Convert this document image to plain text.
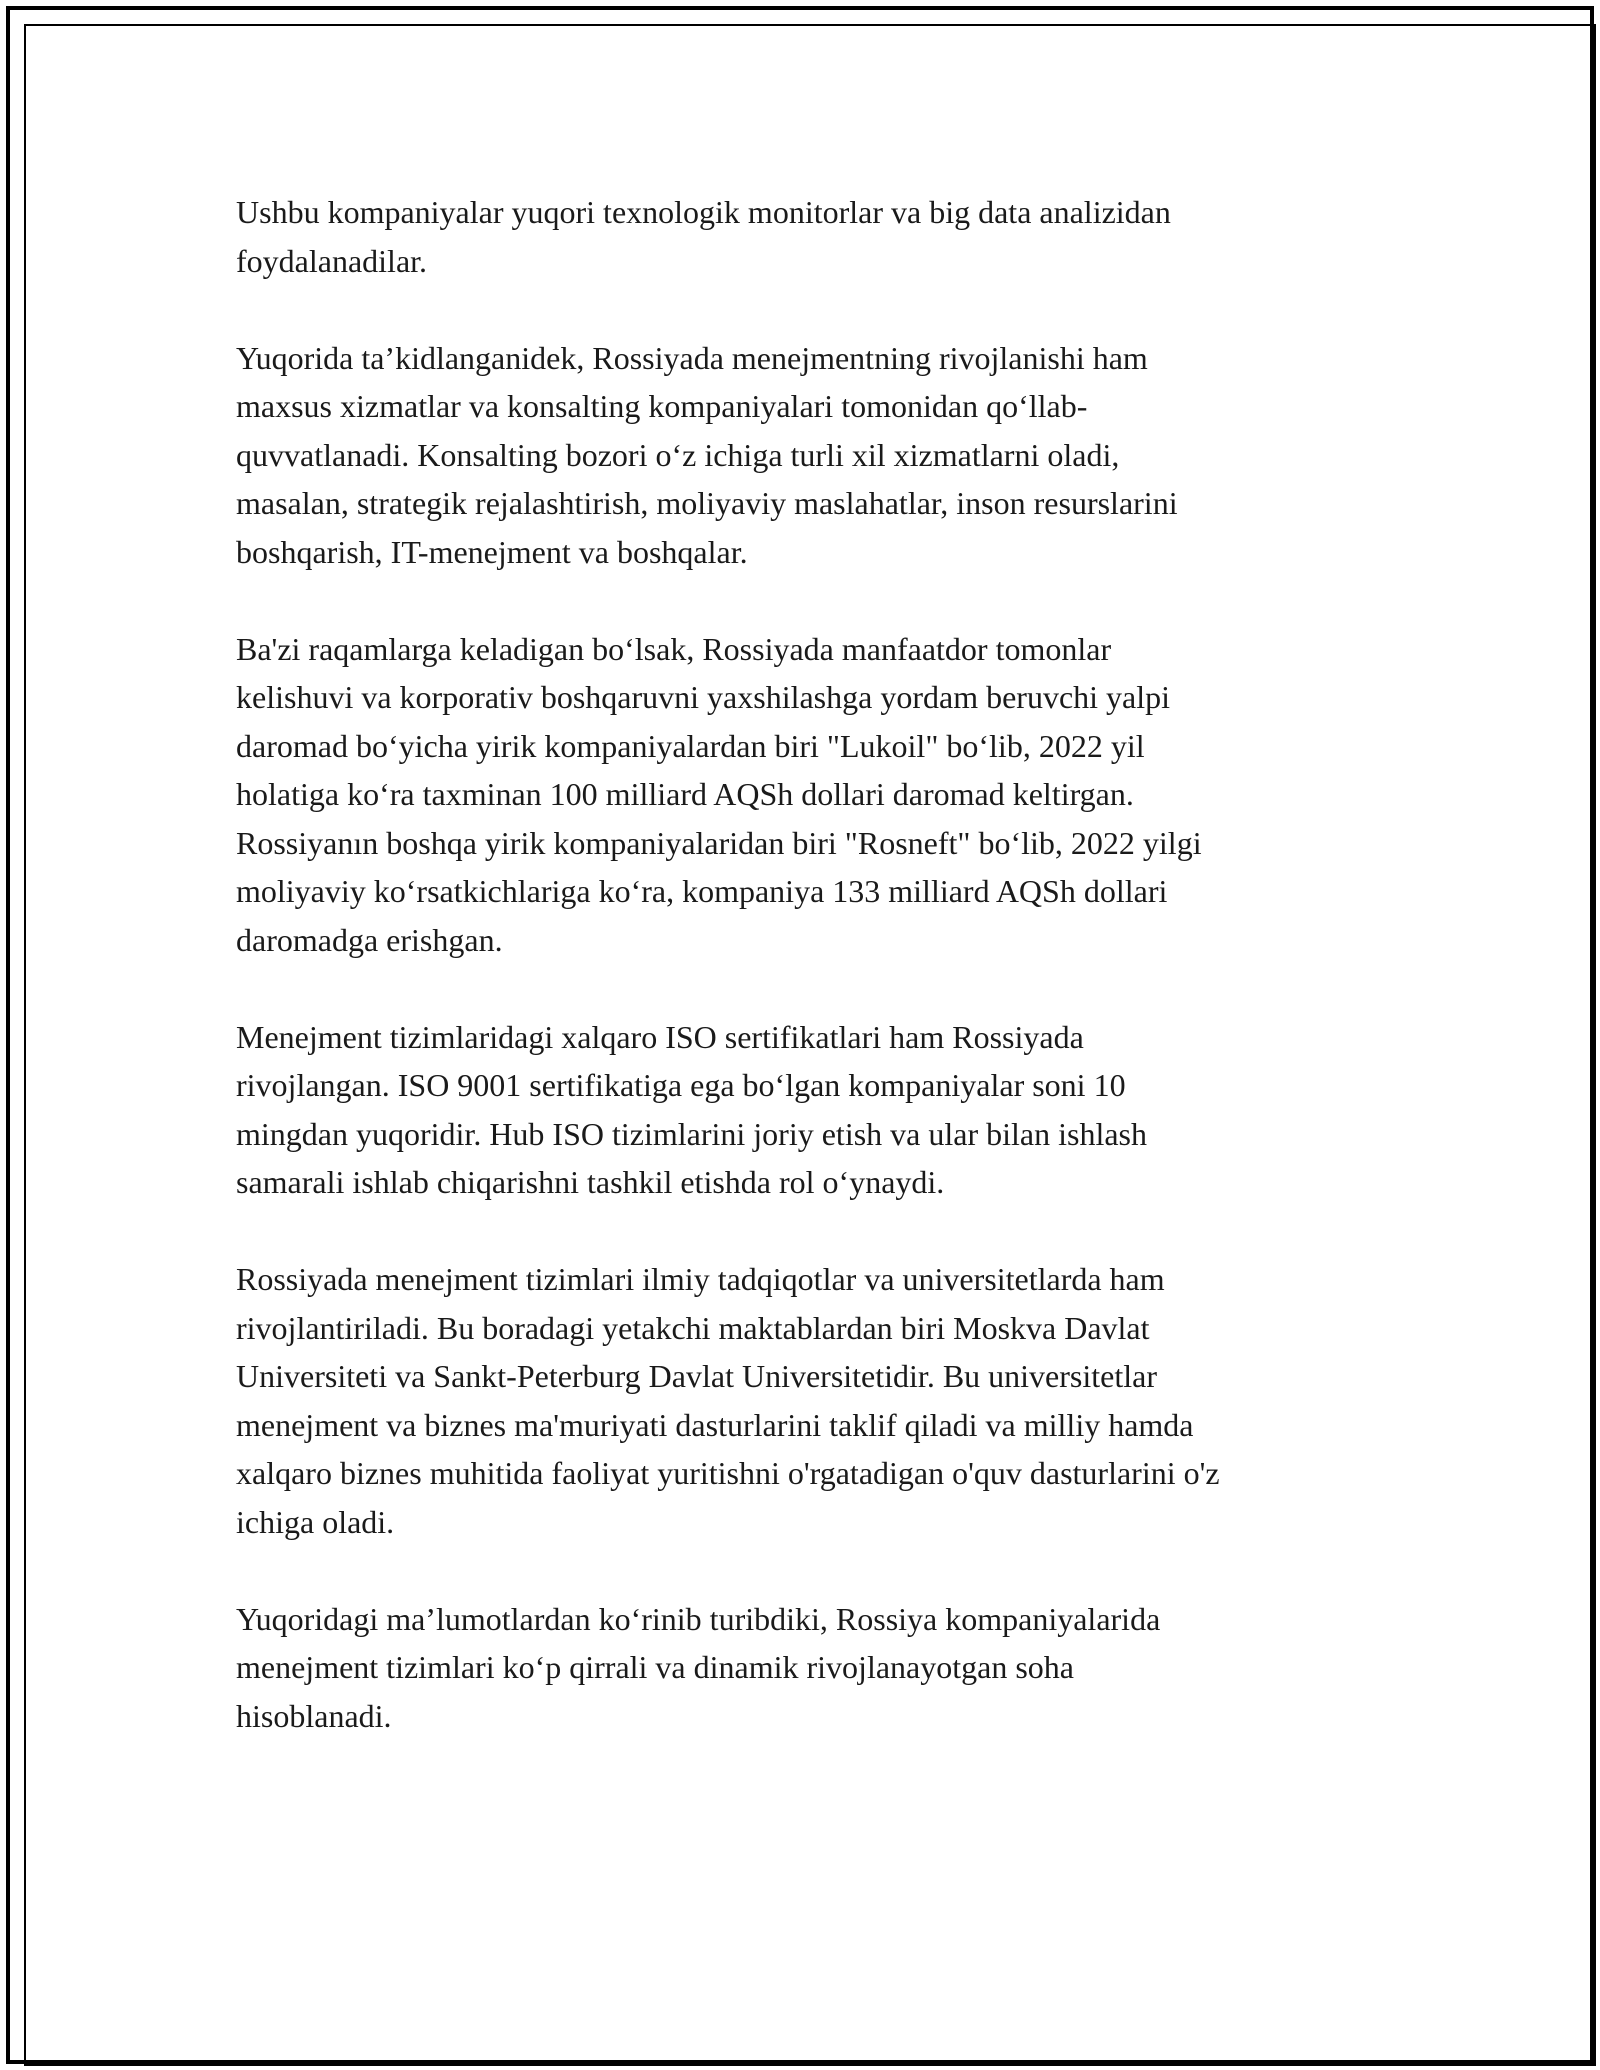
Ushbu kompaniyalar yuqori texnologik monitorlar va big data analizidan
foydalanadilar.

Yuqorida ta’kidlanganidek, Rossiyada menejmentning rivojlanishi ham
maxsus xizmatlar va konsalting kompaniyalari tomonidan qo‘llab-
quvvatlanadi. Konsalting bozori o‘z ichiga turli xil xizmatlarni oladi,
masalan, strategik rejalashtirish, moliyaviy maslahatlar, inson resurslarini
boshqarish, IT-menejment va boshqalar.

Ba'zi raqamlarga keladigan bo‘lsak, Rossiyada manfaatdor tomonlar
kelishuvi va korporativ boshqaruvni yaxshilashga yordam beruvchi yalpi
daromad bo‘yicha yirik kompaniyalardan biri "Lukoil" bo‘lib, 2022 yil
holatiga ko‘ra taxminan 100 milliard AQSh dollari daromad keltirgan.
Rossiyanın boshqa yirik kompaniyalaridan biri "Rosneft" bo‘lib, 2022 yilgi
moliyaviy ko‘rsatkichlariga ko‘ra, kompaniya 133 milliard AQSh dollari
daromadga erishgan.

Menejment tizimlaridagi xalqaro ISO sertifikatlari ham Rossiyada
rivojlangan. ISO 9001 sertifikatiga ega bo‘lgan kompaniyalar soni 10
mingdan yuqoridir. Hub ISO tizimlarini joriy etish va ular bilan ishlash
samarali ishlab chiqarishni tashkil etishda rol o‘ynaydi.

Rossiyada menejment tizimlari ilmiy tadqiqotlar va universitetlarda ham
rivojlantiriladi. Bu boradagi yetakchi maktablardan biri Moskva Davlat
Universiteti va Sankt-Peterburg Davlat Universitetidir. Bu universitetlar
menejment va biznes ma'muriyati dasturlarini taklif qiladi va milliy hamda
xalqaro biznes muhitida faoliyat yuritishni o'rgatadigan o'quv dasturlarini o'z
ichiga oladi.

Yuqoridagi ma’lumotlardan ko‘rinib turibdiki, Rossiya kompaniyalarida
menejment tizimlari ko‘p qirrali va dinamik rivojlanayotgan soha
hisoblanadi.
